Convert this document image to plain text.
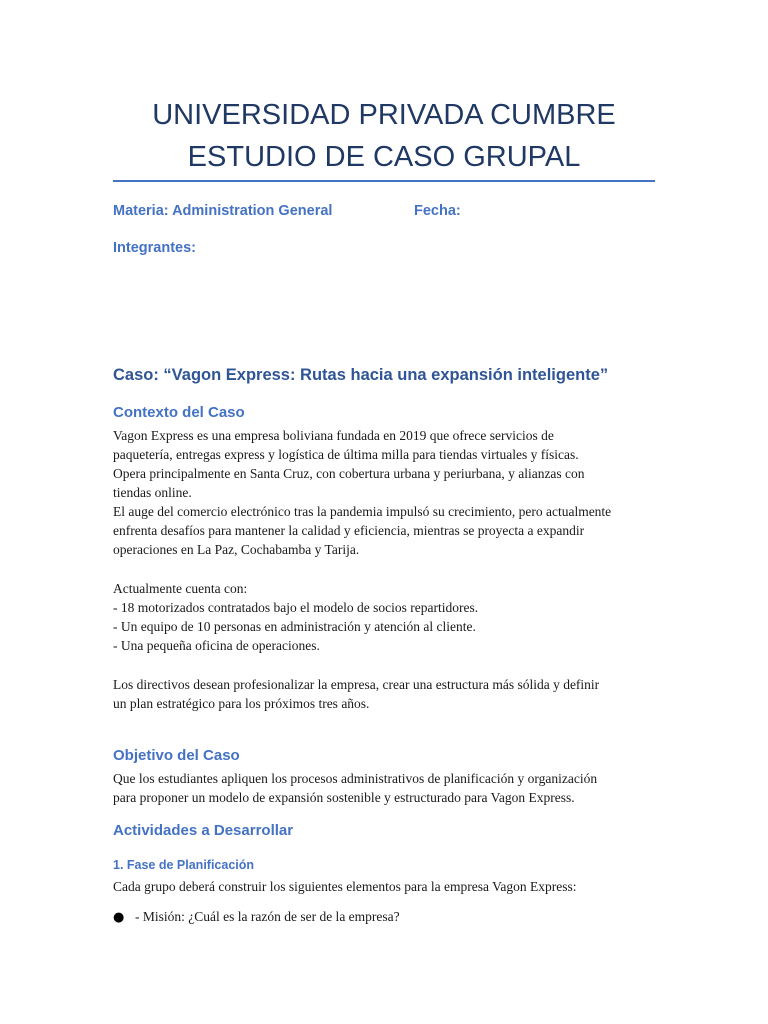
UNIVERSIDAD PRIVADA CUMBRE
ESTUDIO DE CASO GRUPAL
Materia: Administration General	Fecha:
Integrantes:
Caso: “Vagon Express: Rutas hacia una expansión inteligente”
Contexto del Caso
Vagon Express es una empresa boliviana fundada en 2019 que ofrece servicios de
paquetería, entregas express y logística de última milla para tiendas virtuales y físicas.
Opera principalmente en Santa Cruz, con cobertura urbana y periurbana, y alianzas con
tiendas online.
El auge del comercio electrónico tras la pandemia impulsó su crecimiento, pero actualmente
enfrenta desafíos para mantener la calidad y eficiencia, mientras se proyecta a expandir
operaciones en La Paz, Cochabamba y Tarija.
Actualmente cuenta con:
- 18 motorizados contratados bajo el modelo de socios repartidores.
- Un equipo de 10 personas en administración y atención al cliente.
- Una pequeña oficina de operaciones.
Los directivos desean profesionalizar la empresa, crear una estructura más sólida y definir
un plan estratégico para los próximos tres años.
Objetivo del Caso
Que los estudiantes apliquen los procesos administrativos de planificación y organización
para proponer un modelo de expansión sostenible y estructurado para Vagon Express.
Actividades a Desarrollar
1. Fase de Planificación
Cada grupo deberá construir los siguientes elementos para la empresa Vagon Express:
● - Misión: ¿Cuál es la razón de ser de la empresa?
